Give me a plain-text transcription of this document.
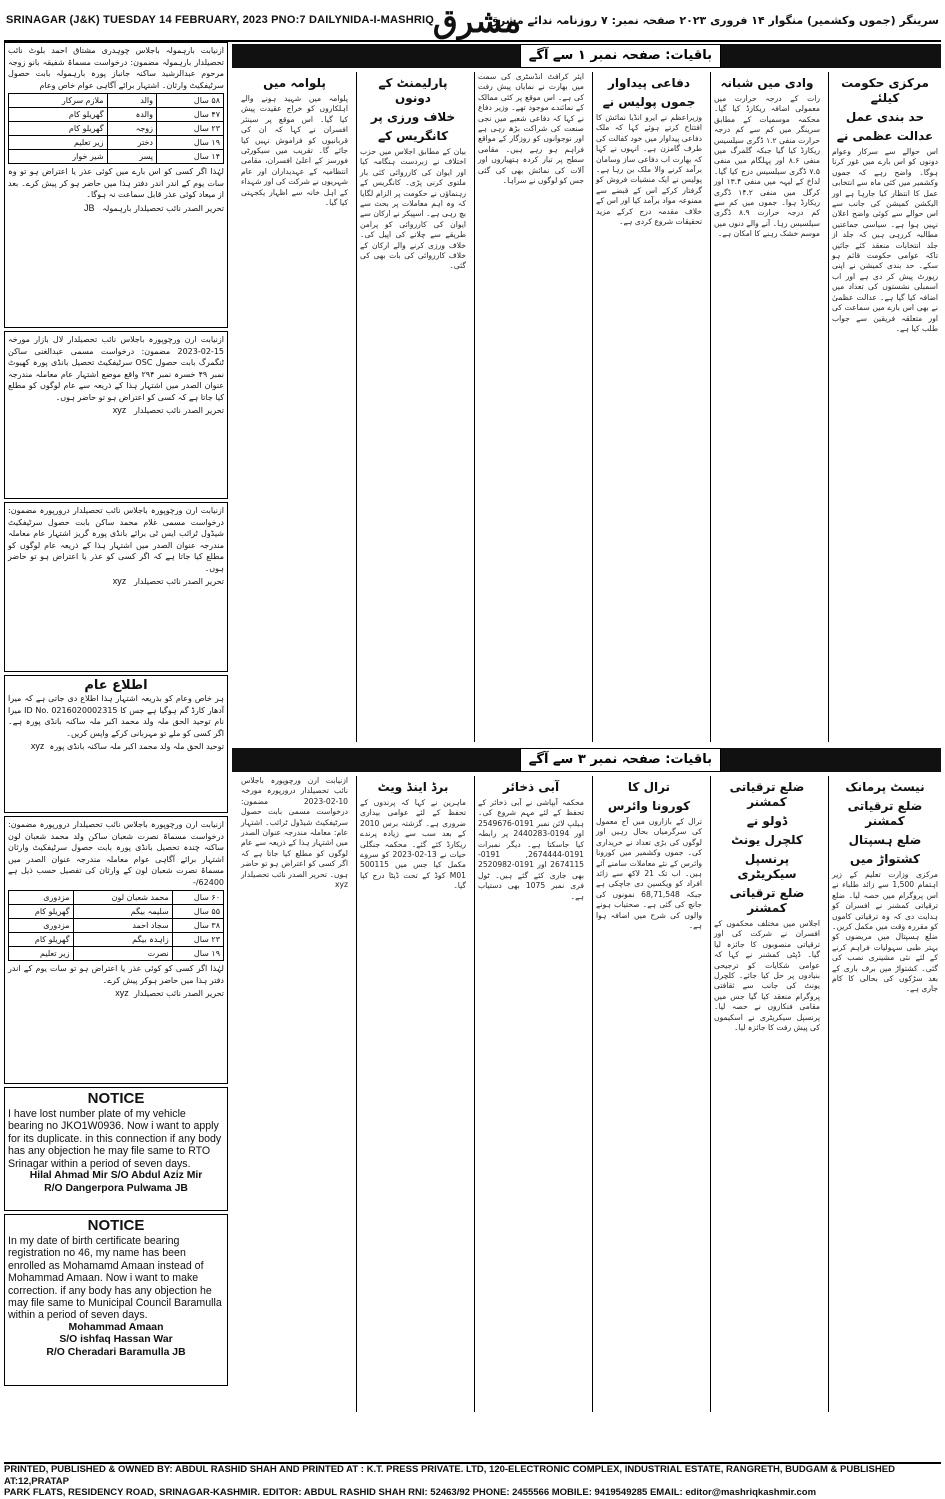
SRINAGAR (J&K) TUESDAY 14 FEBRUARY, 2023 PNO:7 DAILYNIDA-I-MASHRIQ
مشرق
سرینگر (جموں وکشمیر) منگوار ۱۴ فروری ۲۰۲۳ صفحہ نمبر: ۷ روزنامہ ندائے مشرق
ازنیابت بارہمولہ باجلاس چوہدری مشتاق احمد بلوٹ نائب تحصیلدار بارہمولہ مضمون: درخواست مسماۃ شفیقہ بانو زوجہ مرحوم عبدالرشید ساکنہ جانباز پورہ بارہمولہ بابت حصول سرٹیفکیٹ وارثان۔ اشتہار برائے آگاہی عوام خاص وعام
۵۸ سال	والد	ملازم سرکار
۴۷ سال	والدہ	گھریلو کام
۲۳ سال	زوجہ	گھریلو کام
۱۹ سال	دختر	زیر تعلیم
۱۴ سال	پسر	شیر خوار
لہٰذا اگر کسی کو اس بارے میں کوئی عذر یا اعتراض ہو تو وہ سات یوم کے اندر اندر دفتر ہذا میں حاضر ہو کر پیش کرے۔ بعد از میعاد کوئی عذر قابل سماعت نہ ہوگا۔
تحریر الصدر نائب تحصیلدار بارہمولہ   JB
ازنیابت ارن ورچوپورہ باجلاس نائب تحصیلدار لال بازار مورخہ 15-02-2023 مضمون: درخواست مسمی عبدالغنی ساکن ٹنگمرگ بابت حصول OSC سرٹیفکیٹ تحصیل بانڈی پورہ کھیوٹ نمبر ۴۹ خسرہ نمبر ۲۹۴ واقع موضع اشتہار عام معاملہ مندرجہ عنوان الصدر میں اشتہار ہذا کے ذریعہ سے عام لوگوں کو مطلع کیا جاتا ہے کہ کسی کو اعتراض ہو تو حاضر ہوں۔
تحریر الصدر نائب تحصیلدار   xyz
ازنیابت ارن ورچوپورہ باجلاس نائب تحصیلدار درورپورہ مضمون: درخواست مسمی غلام محمد ساکن بابت حصول سرٹیفکیٹ شیڈول ٹرائب ایس ٹی برائے بانڈی پورہ گریز اشتہار عام معاملہ مندرجہ عنوان الصدر میں اشتہار ہذا کے ذریعہ عام لوگوں کو مطلع کیا جاتا ہے کہ اگر کسی کو عذر یا اعتراض ہو تو حاضر ہوں۔
تحریر الصدر نائب تحصیلدار   xyz
اطلاع عام
ہر خاص وعام کو بذریعہ اشتہار ہذا اطلاع دی جاتی ہے کہ میرا آدھار کارڈ گم ہوگیا ہے جس کا ID No. 0216020002315 میرا نام توحید الحق ملہ ولد محمد اکبر ملہ ساکنہ بانڈی پورہ ہے۔ اگر کسی کو ملے تو مہربانی کرکے واپس کریں۔
توحید الحق ملہ ولد محمد اکبر ملہ ساکنہ بانڈی پورہ  xyz
ازنیابت ارن ورچوپورہ باجلاس نائب تحصیلدار درورپورہ مضمون: درخواست مسماۃ نصرت شعبان ساکن ولد محمد شعبان لون ساکنہ چندہ تحصیل بانڈی پورہ بابت حصول سرٹیفکیٹ وارثان اشتہار برائے آگاہی عوام معاملہ مندرجہ عنوان الصدر میں مسماۃ نصرت شعبان لون کے وارثان کی تفصیل حسب ذیل ہے 62400/-
۶۰ سال	محمد شعبان لون	مزدوری
۵۵ سال	سلیمہ بیگم	گھریلو کام
۳۸ سال	سجاد احمد	مزدوری
۲۳ سال	زاہدہ بیگم	گھریلو کام
۱۹ سال	نصرت	زیر تعلیم
لہٰذا اگر کسی کو کوئی عذر یا اعتراض ہو تو سات یوم کے اندر دفتر ہذا میں حاضر ہوکر پیش کرے۔
تحریر الصدر نائب تحصیلدار  xyz
NOTICE
I have lost number plate of my vehicle bearing no JKO1W0936. Now i want to apply for its duplicate. in this connection if any body has any objection he may file same to RTO Srinagar within a period of seven days.
Hilal Ahmad Mir S/O Abdul Aziz Mir
R/O Dangerpora Pulwama JB
NOTICE
In my date of birth certificate bearing registration no 46, my name has been enrolled as Mohamamd Amaan instead of Mohammad Amaan. Now i want to make correction. if any body has any objection he may file same to Municipal Council Baramulla within a period of seven days.
Mohammad Amaan
S/O ishfaq Hassan War
R/O Cheradari Baramulla JB
باقیات: صفحہ نمبر ۱ سے آگے
مرکزی حکومت کیلئے
حد بندی عمل
عدالت عظمی نے
اس حوالے سے سرکار وعوام دونوں کو اس بارے میں غور کرنا ہوگا۔ واضح رہے کہ جموں وکشمیر میں کئی ماہ سے انتخابی عمل کا انتظار کیا جارہا ہے اور الیکشن کمیشن کی جانب سے اس حوالے سے کوئی واضح اعلان نہیں ہوا ہے۔ سیاسی جماعتیں مطالبہ کررہی ہیں کہ جلد از جلد انتخابات منعقد کئے جائیں تاکہ عوامی حکومت قائم ہو سکے۔ حد بندی کمیشن نے اپنی رپورٹ پیش کر دی ہے اور اب اسمبلی نشستوں کی تعداد میں اضافہ کیا گیا ہے۔ عدالت عظمیٰ نے بھی اس بارے میں سماعت کی اور متعلقہ فریقین سے جواب طلب کیا ہے۔
وادی میں شبانہ
رات کے درجہ حرارت میں معمولی اضافہ ریکارڈ کیا گیا۔ محکمہ موسمیات کے مطابق سرینگر میں کم سے کم درجہ حرارت منفی ۱.۲ ڈگری سیلسیس ریکارڈ کیا گیا جبکہ گلمرگ میں منفی ۸.۶ اور پہلگام میں منفی ۷.۵ ڈگری سیلسیس درج کیا گیا۔ لداخ کے لیہہ میں منفی ۱۳.۴ اور کرگل میں منفی ۱۴.۲ ڈگری ریکارڈ ہوا۔ جموں میں کم سے کم درجہ حرارت ۸.۹ ڈگری سیلسیس رہا۔ آنے والے دنوں میں موسم خشک رہنے کا امکان ہے۔
دفاعی پیداوار
جموں پولیس نے
وزیراعظم نے ایرو انڈیا نمائش کا افتتاح کرتے ہوئے کہا کہ ملک دفاعی پیداوار میں خود کفالت کی طرف گامزن ہے۔ انہوں نے کہا کہ بھارت اب دفاعی ساز وسامان برآمد کرنے والا ملک بن رہا ہے۔ پولیس نے ایک منشیات فروش کو گرفتار کرکے اس کے قبضے سے ممنوعہ مواد برآمد کیا اور اس کے خلاف مقدمہ درج کرکے مزید تحقیقات شروع کردی ہے۔
ایئر کرافٹ انڈسٹری کی سمت میں بھارت نے نمایاں پیش رفت کی ہے۔ اس موقع پر کئی ممالک کے نمائندے موجود تھے۔ وزیر دفاع نے کہا کہ دفاعی شعبے میں نجی صنعت کی شراکت بڑھ رہی ہے اور نوجوانوں کو روزگار کے مواقع فراہم ہو رہے ہیں۔ مقامی سطح پر تیار کردہ ہتھیاروں اور آلات کی نمائش بھی کی گئی جس کو لوگوں نے سراہا۔
پارلیمنٹ کے دونوں
خلاف ورزی پر
کانگریس کے
بیان کے مطابق اجلاس میں حزب اختلاف نے زبردست ہنگامہ کیا اور ایوان کی کارروائی کئی بار ملتوی کرنی پڑی۔ کانگریس کے رہنماؤں نے حکومت پر الزام لگایا کہ وہ اہم معاملات پر بحث سے بچ رہی ہے۔ اسپیکر نے ارکان سے ایوان کی کارروائی کو پرامن طریقے سے چلانے کی اپیل کی۔ خلاف ورزی کرنے والے ارکان کے خلاف کارروائی کی بات بھی کی گئی۔
پلوامہ میں
پلوامہ میں شہید ہونے والے اہلکاروں کو خراج عقیدت پیش کیا گیا۔ اس موقع پر سینئر افسران نے کہا کہ ان کی قربانیوں کو فراموش نہیں کیا جائے گا۔ تقریب میں سیکورٹی فورسز کے اعلیٰ افسران، مقامی انتظامیہ کے عہدیداران اور عام شہریوں نے شرکت کی اور شہداء کے اہل خانہ سے اظہار یکجہتی کیا گیا۔
باقیات: صفحہ نمبر ۳ سے آگے
نیسٹ پرمانک
ضلع ترقیاتی کمشنر
ضلع ہسپتال
کشتواڑ میں
مرکزی وزارت تعلیم کے زیر اہتمام 1,500 سے زائد طلباء نے اس پروگرام میں حصہ لیا۔ ضلع ترقیاتی کمشنر نے افسران کو ہدایت دی کہ وہ ترقیاتی کاموں کو مقررہ وقت میں مکمل کریں۔ ضلع ہسپتال میں مریضوں کو بہتر طبی سہولیات فراہم کرنے کے لئے نئی مشینری نصب کی گئی۔ کشتواڑ میں برف باری کے بعد سڑکوں کی بحالی کا کام جاری ہے۔
ضلع ترقیاتی کمشنر
ڈولو نے
کلچرل یونٹ
پرنسپل سیکریٹری
ضلع ترقیاتی کمشنر
اجلاس میں مختلف محکموں کے افسران نے شرکت کی اور ترقیاتی منصوبوں کا جائزہ لیا گیا۔ ڈپٹی کمشنر نے کہا کہ عوامی شکایات کو ترجیحی بنیادوں پر حل کیا جائے۔ کلچرل یونٹ کی جانب سے ثقافتی پروگرام منعقد کیا گیا جس میں مقامی فنکاروں نے حصہ لیا۔ پرنسپل سیکریٹری نے اسکیموں کی پیش رفت کا جائزہ لیا۔
ترال کا
کورونا وائرس
ترال کے بازاروں میں آج معمول کی سرگرمیاں بحال رہیں اور لوگوں کی بڑی تعداد نے خریداری کی۔ جموں وکشمیر میں کورونا وائرس کے نئے معاملات سامنے آئے ہیں۔ اب تک 21 لاکھ سے زائد افراد کو ویکسین دی جاچکی ہے جبکہ 68,71,548 نمونوں کی جانچ کی گئی ہے۔ صحتیاب ہونے والوں کی شرح میں اضافہ ہوا ہے۔
آبی ذخائر
محکمہ آبپاشی نے آبی ذخائر کے تحفظ کے لئے مہم شروع کی۔ ہیلپ لائن نمبر 0191-2549676 اور 0194-2440283 پر رابطہ کیا جاسکتا ہے۔ دیگر نمبرات 0191-2674444, 0191-2674115 اور 0191-2520982 بھی جاری کئے گئے ہیں۔ ٹول فری نمبر 1075 بھی دستیاب ہے۔
برڈ اینڈ ویٹ
ماہرین نے کہا کہ پرندوں کے تحفظ کے لئے عوامی بیداری ضروری ہے۔ گزشتہ برس 2010 کے بعد سب سے زیادہ پرندے ریکارڈ کئے گئے۔ محکمہ جنگلی حیات نے 13-02-2023 کو سروے مکمل کیا جس میں 500115 M01 کوڈ کے تحت ڈیٹا درج کیا گیا۔
ازنیابت ارن ورچوپورہ باجلاس نائب تحصیلدار درورپورہ مورخہ 10-02-2023 مضمون: درخواست مسمی بابت حصول سرٹیفکیٹ شیڈول ٹرائب۔ اشتہار عام: معاملہ مندرجہ عنوان الصدر میں اشتہار ہذا کے ذریعہ سے عام لوگوں کو مطلع کیا جاتا ہے کہ اگر کسی کو اعتراض ہو تو حاضر ہوں۔ تحریر الصدر نائب تحصیلدار xyz
PRINTED, PUBLISHED & OWNED BY: ABDUL RASHID SHAH AND PRINTED AT : K.T. PRESS PRIVATE. LTD, 120-ELECTRONIC COMPLEX, INDUSTRIAL ESTATE, RANGRETH, BUDGAM & PUBLISHED AT:12,PRATAP
PARK FLATS, RESIDENCY ROAD, SRINAGAR-KASHMIR. EDITOR: ABDUL RASHID SHAH RNI: 52463/92 PHONE: 2455566 MOBILE: 9419549285 EMAIL: editor@mashriqkashmir.com
